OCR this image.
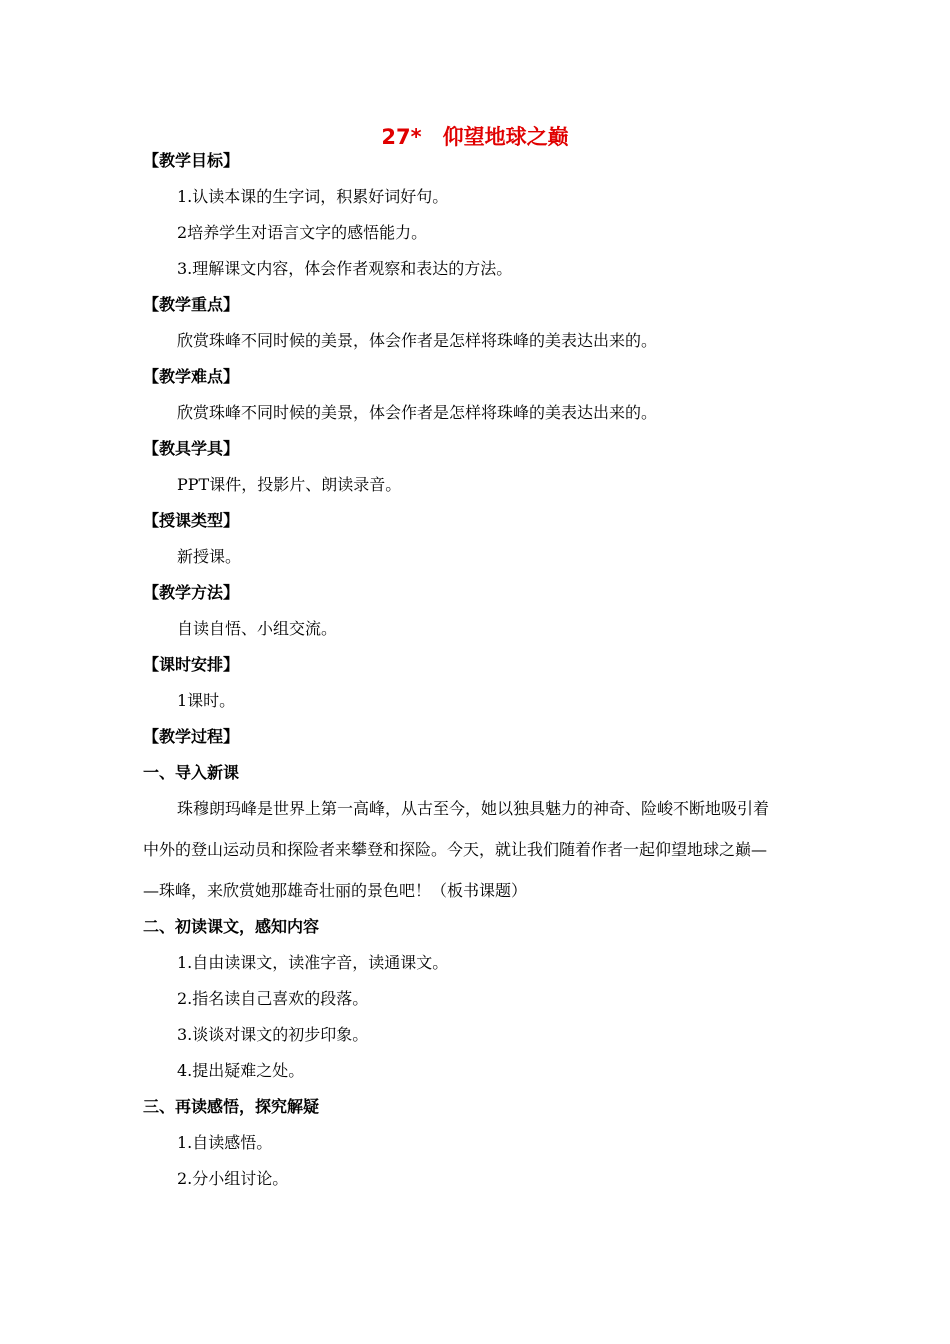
27*　仰望地球之巅
【教学目标】
1.认读本课的生字词，积累好词好句。
2培养学生对语言文字的感悟能力。
3.理解课文内容，体会作者观察和表达的方法。
【教学重点】
欣赏珠峰不同时候的美景，体会作者是怎样将珠峰的美表达出来的。
【教学难点】
欣赏珠峰不同时候的美景，体会作者是怎样将珠峰的美表达出来的。
【教具学具】
PPT课件，投影片、朗读录音。
【授课类型】
新授课。
【教学方法】
自读自悟、小组交流。
【课时安排】
1课时。
【教学过程】
一、导入新课
珠穆朗玛峰是世界上第一高峰，从古至今，她以独具魅力的神奇、险峻不断地吸引着
中外的登山运动员和探险者来攀登和探险。今天，就让我们随着作者一起仰望地球之巅—
—珠峰，来欣赏她那雄奇壮丽的景色吧！（板书课题）
二、初读课文，感知内容
1.自由读课文，读准字音，读通课文。
2.指名读自己喜欢的段落。
3.谈谈对课文的初步印象。
4.提出疑难之处。
三、再读感悟，探究解疑
1.自读感悟。
2.分小组讨论。
